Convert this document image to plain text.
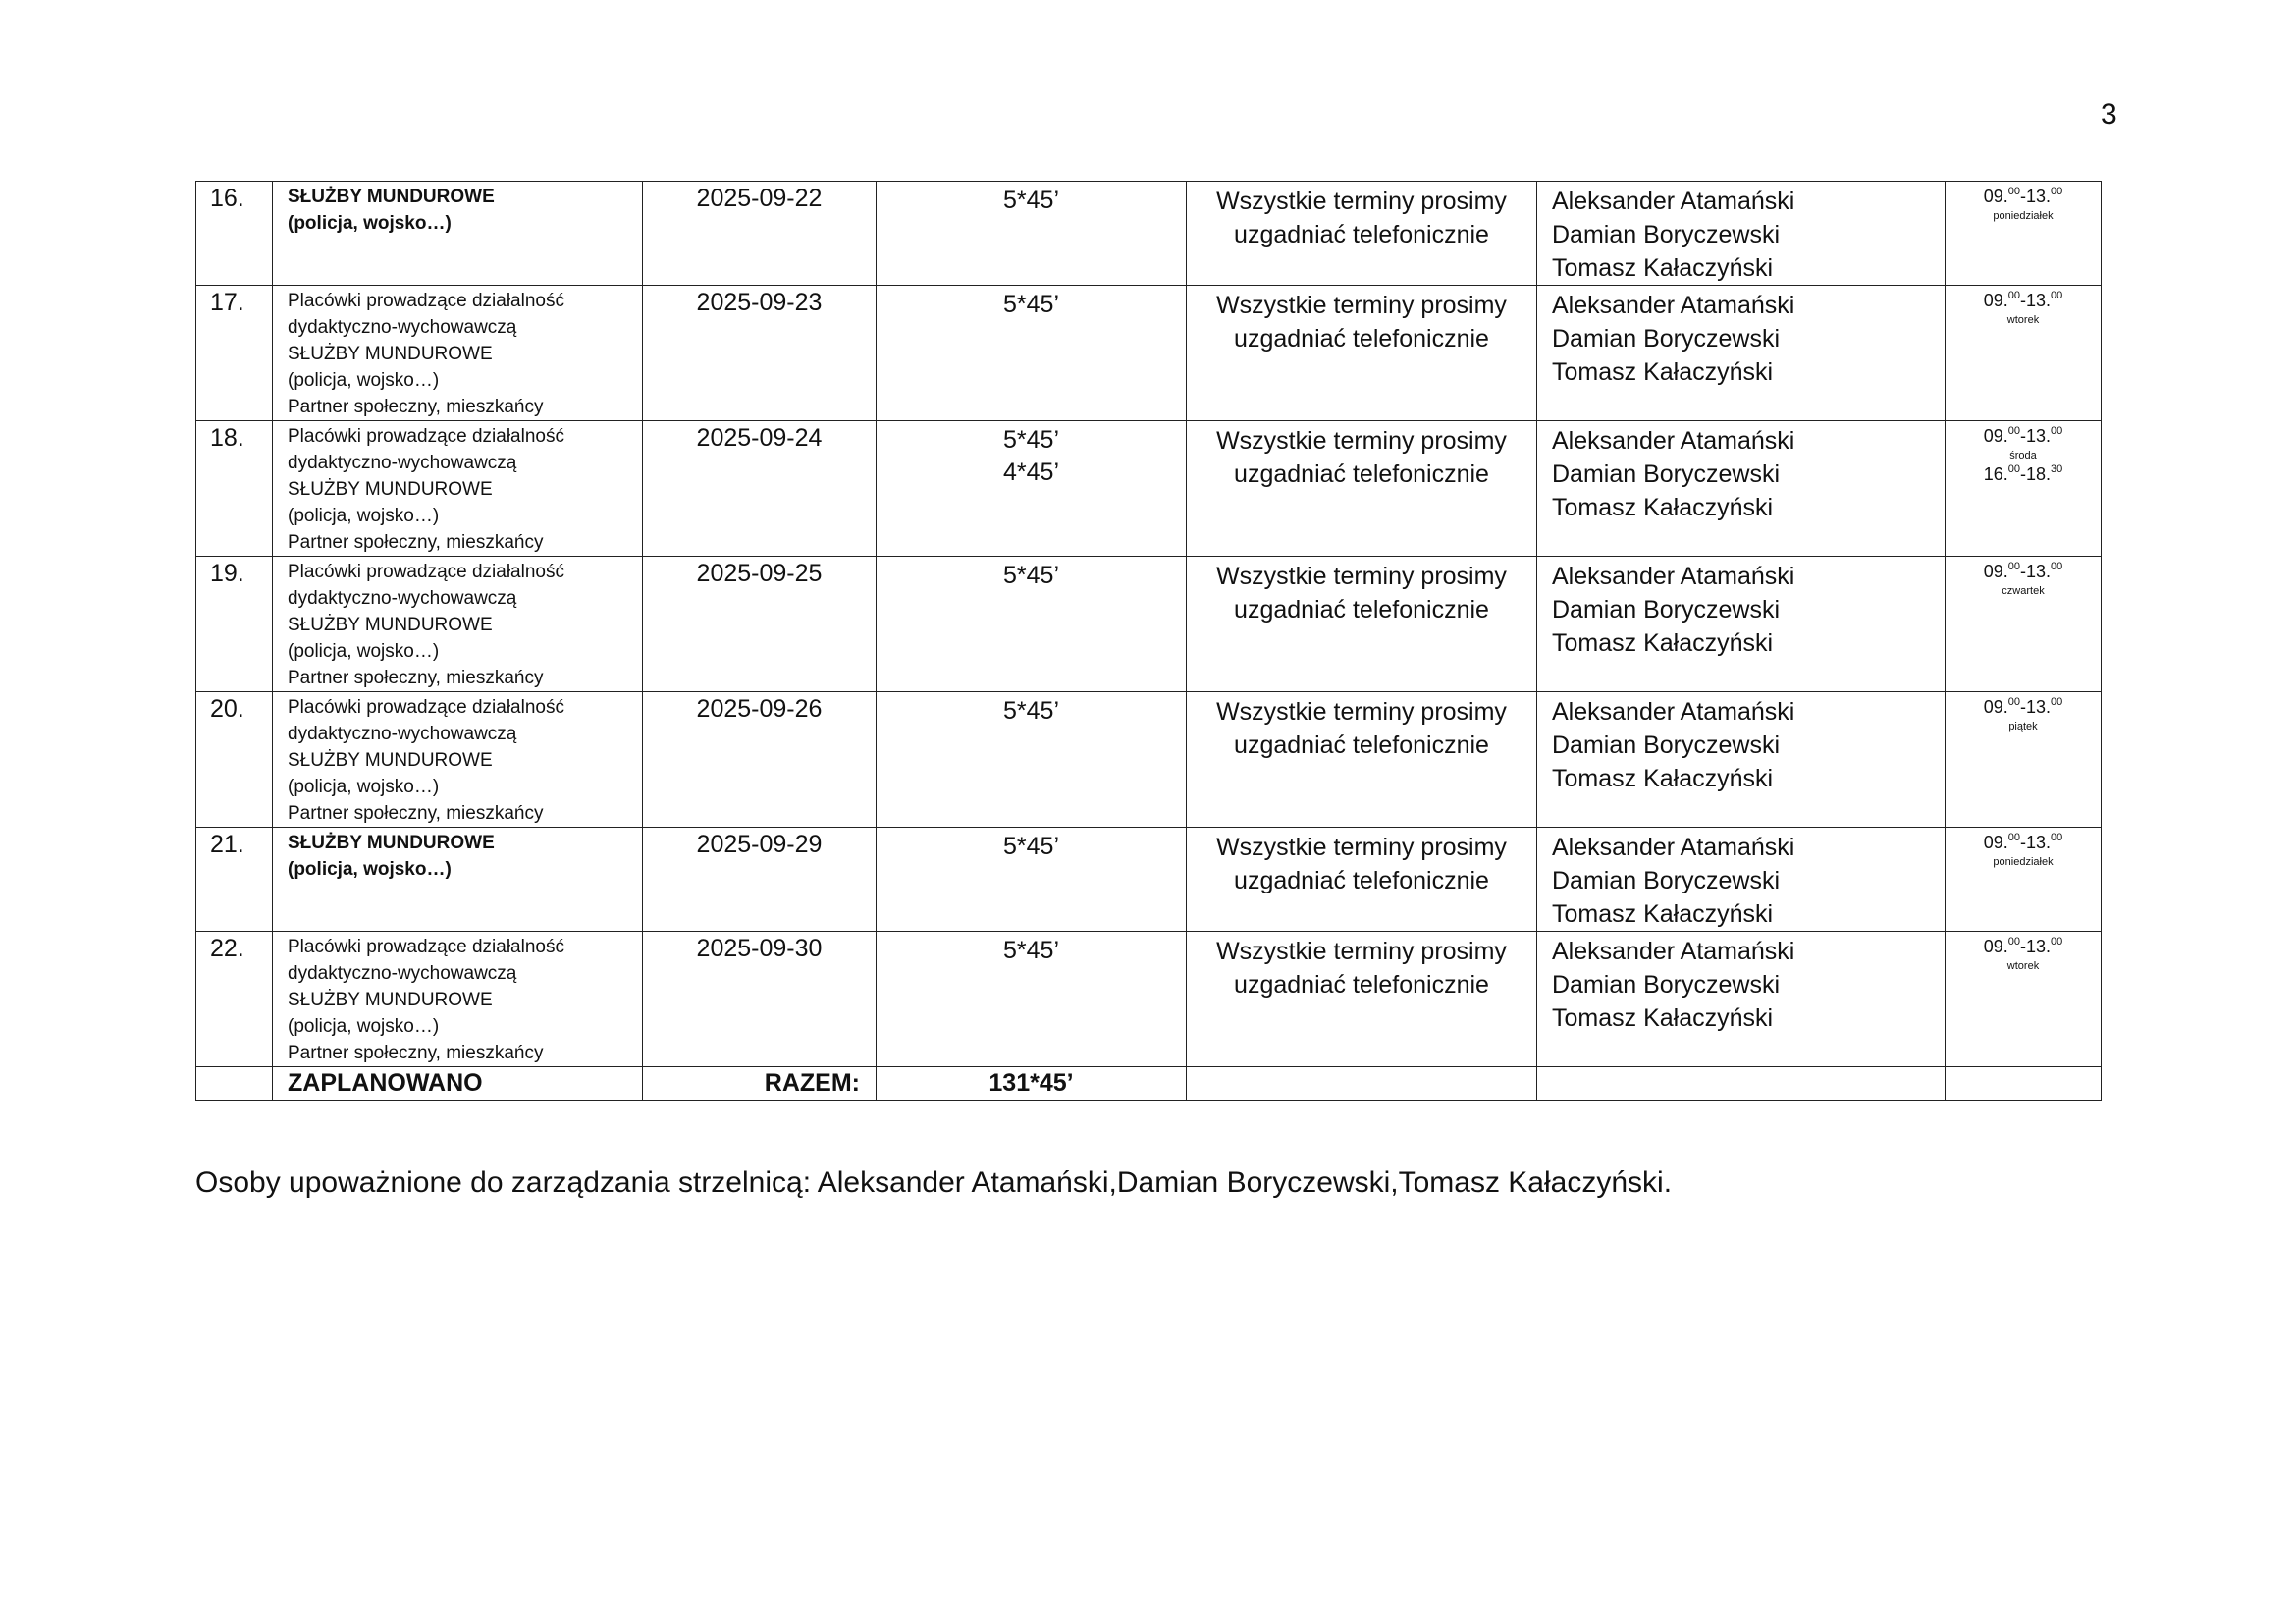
3
16.	SŁUŻBY MUNDUROWE
(policja, wojsko…)	2025-09-22	5*45’	Wszystkie terminy prosimy
uzgadniać telefonicznie	Aleksander Atamański
Damian Boryczewski
Tomasz Kałaczyński	09.00-13.00
poniedziałek

17.	Placówki prowadzące działalność
dydaktyczno-wychowawczą
SŁUŻBY MUNDUROWE
(policja, wojsko…)
Partner społeczny, mieszkańcy	2025-09-23	5*45’	Wszystkie terminy prosimy
uzgadniać telefonicznie	Aleksander Atamański
Damian Boryczewski
Tomasz Kałaczyński	09.00-13.00
wtorek

18.	Placówki prowadzące działalność
dydaktyczno-wychowawczą
SŁUŻBY MUNDUROWE
(policja, wojsko…)
Partner społeczny, mieszkańcy	2025-09-24	5*45’
4*45’	Wszystkie terminy prosimy
uzgadniać telefonicznie	Aleksander Atamański
Damian Boryczewski
Tomasz Kałaczyński	09.00-13.00
środa
16.00-18.30

19.	Placówki prowadzące działalność
dydaktyczno-wychowawczą
SŁUŻBY MUNDUROWE
(policja, wojsko…)
Partner społeczny, mieszkańcy	2025-09-25	5*45’	Wszystkie terminy prosimy
uzgadniać telefonicznie	Aleksander Atamański
Damian Boryczewski
Tomasz Kałaczyński	09.00-13.00
czwartek

20.	Placówki prowadzące działalność
dydaktyczno-wychowawczą
SŁUŻBY MUNDUROWE
(policja, wojsko…)
Partner społeczny, mieszkańcy	2025-09-26	5*45’	Wszystkie terminy prosimy
uzgadniać telefonicznie	Aleksander Atamański
Damian Boryczewski
Tomasz Kałaczyński	09.00-13.00
piątek

21.	SŁUŻBY MUNDUROWE
(policja, wojsko…)	2025-09-29	5*45’	Wszystkie terminy prosimy
uzgadniać telefonicznie	Aleksander Atamański
Damian Boryczewski
Tomasz Kałaczyński	09.00-13.00
poniedziałek

22.	Placówki prowadzące działalność
dydaktyczno-wychowawczą
SŁUŻBY MUNDUROWE
(policja, wojsko…)
Partner społeczny, mieszkańcy	2025-09-30	5*45’	Wszystkie terminy prosimy
uzgadniać telefonicznie	Aleksander Atamański
Damian Boryczewski
Tomasz Kałaczyński	09.00-13.00
wtorek

	ZAPLANOWANO	RAZEM:	131*45’			
Osoby upoważnione do zarządzania strzelnicą: Aleksander Atamański,Damian Boryczewski,Tomasz Kałaczyński.
